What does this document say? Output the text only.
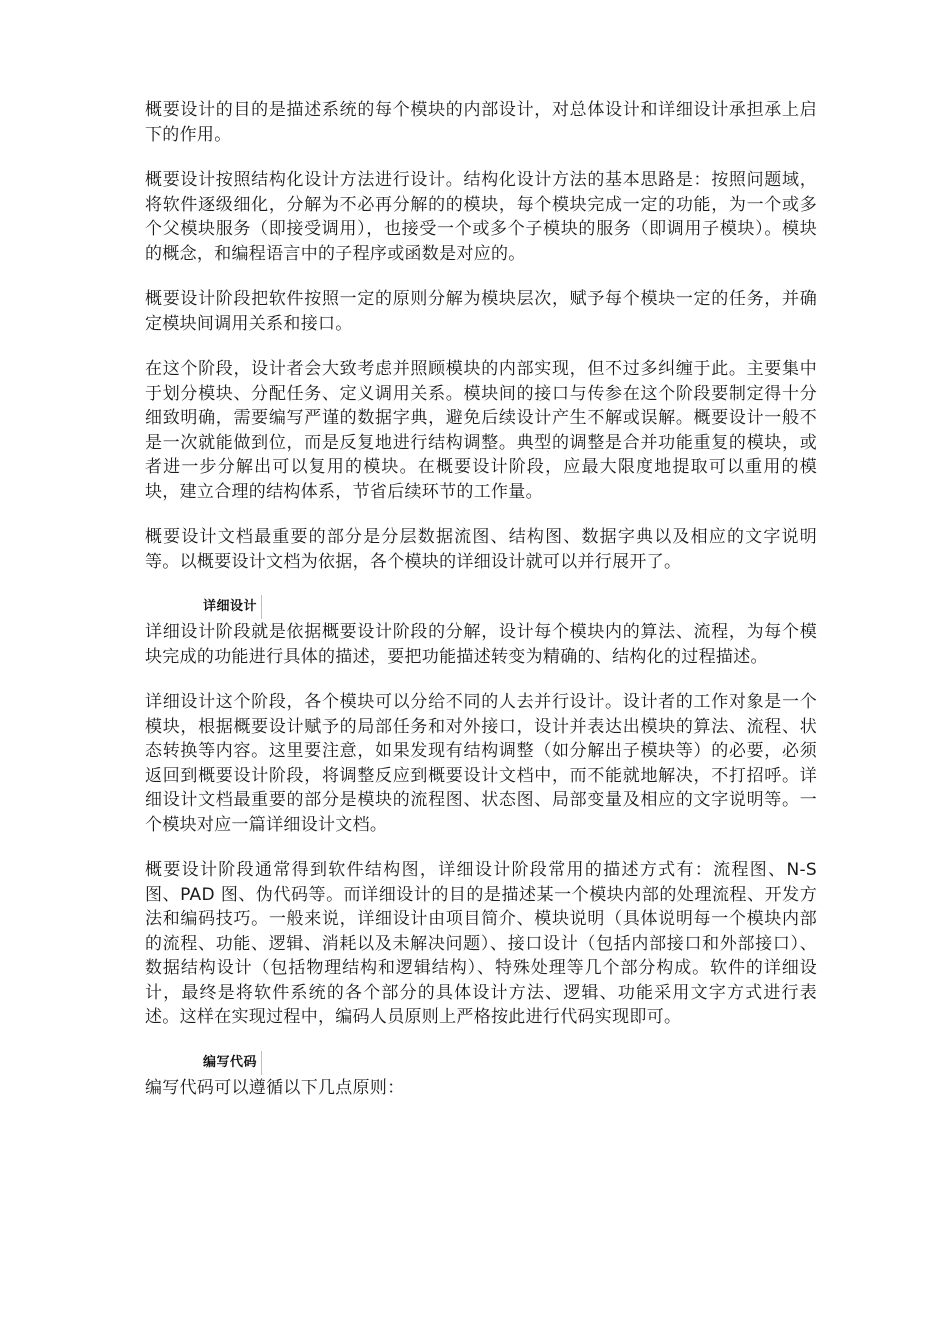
概要设计的目的是描述系统的每个模块的内部设计，对总体设计和详细设计承担承上启下的作用。

概要设计按照结构化设计方法进行设计。结构化设计方法的基本思路是：按照问题域，将软件逐级细化，分解为不必再分解的的模块，每个模块完成一定的功能，为一个或多个父模块服务（即接受调用），也接受一个或多个子模块的服务（即调用子模块）。模块的概念，和编程语言中的子程序或函数是对应的。

概要设计阶段把软件按照一定的原则分解为模块层次，赋予每个模块一定的任务，并确定模块间调用关系和接口。

在这个阶段，设计者会大致考虑并照顾模块的内部实现，但不过多纠缠于此。主要集中于划分模块、分配任务、定义调用关系。模块间的接口与传参在这个阶段要制定得十分细致明确，需要编写严谨的数据字典，避免后续设计产生不解或误解。概要设计一般不是一次就能做到位，而是反复地进行结构调整。典型的调整是合并功能重复的模块，或者进一步分解出可以复用的模块。在概要设计阶段，应最大限度地提取可以重用的模块，建立合理的结构体系，节省后续环节的工作量。

概要设计文档最重要的部分是分层数据流图、结构图、数据字典以及相应的文字说明等。以概要设计文档为依据，各个模块的详细设计就可以并行展开了。

详细设计

详细设计阶段就是依据概要设计阶段的分解，设计每个模块内的算法、流程，为每个模块完成的功能进行具体的描述，要把功能描述转变为精确的、结构化的过程描述。

详细设计这个阶段，各个模块可以分给不同的人去并行设计。设计者的工作对象是一个模块，根据概要设计赋予的局部任务和对外接口，设计并表达出模块的算法、流程、状态转换等内容。这里要注意，如果发现有结构调整（如分解出子模块等）的必要，必须返回到概要设计阶段，将调整反应到概要设计文档中，而不能就地解决，不打招呼。详细设计文档最重要的部分是模块的流程图、状态图、局部变量及相应的文字说明等。一个模块对应一篇详细设计文档。

概要设计阶段通常得到软件结构图，详细设计阶段常用的描述方式有：流程图、N-S 图、PAD 图、伪代码等。而详细设计的目的是描述某一个模块内部的处理流程、开发方法和编码技巧。一般来说，详细设计由项目简介、模块说明（具体说明每一个模块内部的流程、功能、逻辑、消耗以及未解决问题）、接口设计（包括内部接口和外部接口）、数据结构设计（包括物理结构和逻辑结构）、特殊处理等几个部分构成。软件的详细设计，最终是将软件系统的各个部分的具体设计方法、逻辑、功能采用文字方式进行表述。这样在实现过程中，编码人员原则上严格按此进行代码实现即可。

编写代码

编写代码可以遵循以下几点原则：
